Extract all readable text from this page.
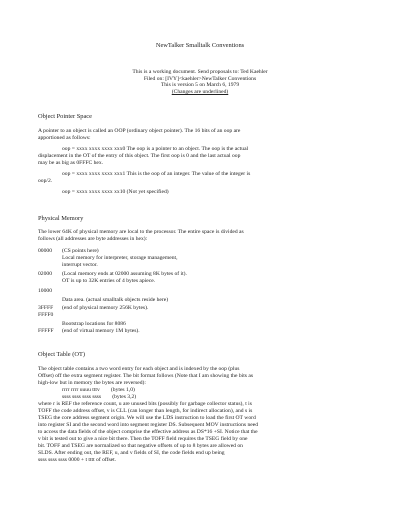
NewTalker Smalltalk Conventions
This is a working document. Send proposals to: Ted Kaehler
Filed on: [IVY]<kaehler>NewTalker Conventions
This is version 5 on March 6, 1979
(Changes are underlined)
Object Pointer Space
A pointer to an object is called an OOP (ordinary object pointer). The 16 bits of an oop are
apportioned as follows:
oop = xxxx xxxx xxxx xxx0 The oop is a pointer to an object. The oop is the actual
displacement in the OT of the entry of this object. The first oop is 0 and the last actual oop
may be as big as 0FFFC hex.
oop = xxxx xxxx xxxx xxx1 This is the oop of an integer. The value of the integer is
oop/2.
oop = xxxx xxxx xxxx xx10 (Not yet specified)
Physical Memory
The lower 64K of physical memory are local to the processor. The entire space is divided as
follows (all addresses are byte addresses in hex):
00000 (CS points here)
Local memory for interpreter, storage management,
interrupt vector.
02000 (Local memory ends at 02000 assuming 8K bytes of it).
OT is up to 32K entries of 4 bytes apiece.
10000
Data area. (actual smalltalk objects reside here)
3FFFF (end of physical memory 256K bytes).
FFFF0
Bootstrap locations for 8086
FFFFF (end of virtual memory 1M bytes).
Object Table (OT)
The object table contains a two word entry for each object and is indexed by the oop (plus
Offset) off the extra segment register. The bit format follows (Note that I am showing the bits as
high-low but in memory the bytes are reversed):
rrrr rrrr uuuu tttv        (bytes 1,0)
ssss ssss ssss ssss        (bytes 3,2)
where r is REF the reference count, u are unused bits (possibly for garbage collector status), t is
TOFF the code address offset, v is CLL (can longer than length, for indirect allocation), and s is
TSEG the core address segment origin. We will use the LDS instruction to load the first OT word
into register SI and the second word into segment register DS. Subsequent MOV instructions need
to access the data fields of the object comprise the effective address as DS*16 +SI. Notice that the
v bit is tested out to give a nice bit there. Then the TOFF field requires the TSEG field by one
bit. TOFF and TSEG are normalized so that negative offsets of up to 8 bytes are allowed on
SLDS. After ending out, the REF, u, and v fields of SI, the code fields end up being
ssss ssss ssss 0000 + t tttt of offset.
